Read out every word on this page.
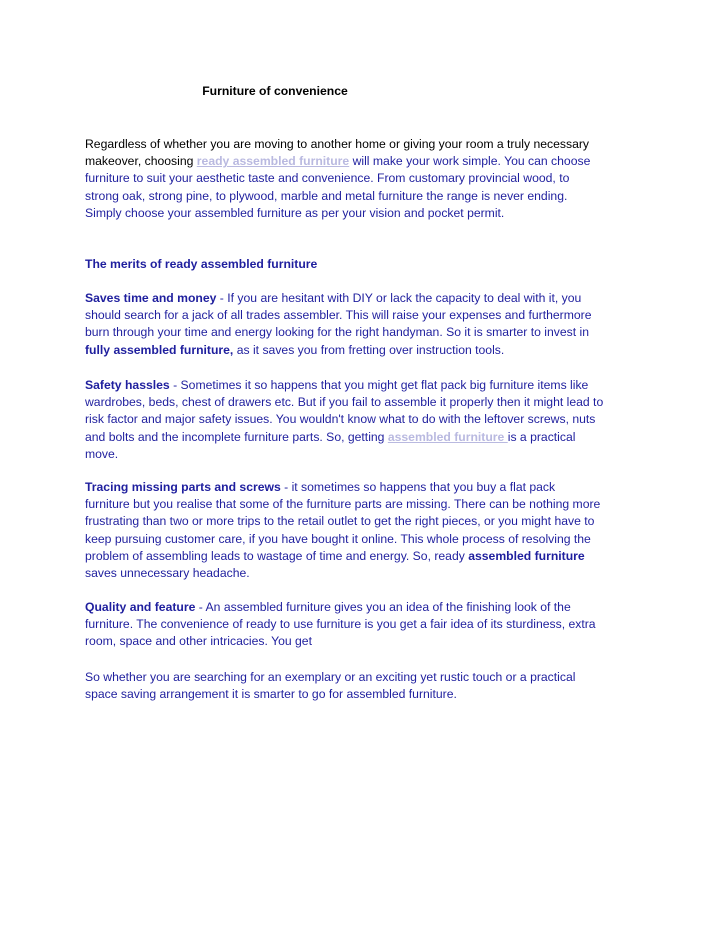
Furniture of convenience
Regardless of whether you are moving to another home or giving your room a truly necessary
makeover, choosing ready assembled furniture will make your work simple. You can choose
furniture to suit your aesthetic taste and convenience. From customary provincial wood, to
strong oak, strong pine, to plywood, marble and metal furniture the range is never ending.
Simply choose your assembled furniture as per your vision and pocket permit.
The merits of ready assembled furniture
Saves time and money - If you are hesitant with DIY or lack the capacity to deal with it, you
should search for a jack of all trades assembler. This will raise your expenses and furthermore
burn through your time and energy looking for the right handyman. So it is smarter to invest in
fully assembled furniture, as it saves you from fretting over instruction tools.
Safety hassles - Sometimes it so happens that you might get flat pack big furniture items like
wardrobes, beds, chest of drawers etc. But if you fail to assemble it properly then it might lead to
risk factor and major safety issues. You wouldn't know what to do with the leftover screws, nuts
and bolts and the incomplete furniture parts. So, getting assembled furniture is a practical
move.
Tracing missing parts and screws - it sometimes so happens that you buy a flat pack
furniture but you realise that some of the furniture parts are missing. There can be nothing more
frustrating than two or more trips to the retail outlet to get the right pieces, or you might have to
keep pursuing customer care, if you have bought it online. This whole process of resolving the
problem of assembling leads to wastage of time and energy. So, ready assembled furniture
saves unnecessary headache.
Quality and feature - An assembled furniture gives you an idea of the finishing look of the
furniture. The convenience of ready to use furniture is you get a fair idea of its sturdiness, extra
room, space and other intricacies. You get
So whether you are searching for an exemplary or an exciting yet rustic touch or a practical
space saving arrangement it is smarter to go for assembled furniture.
